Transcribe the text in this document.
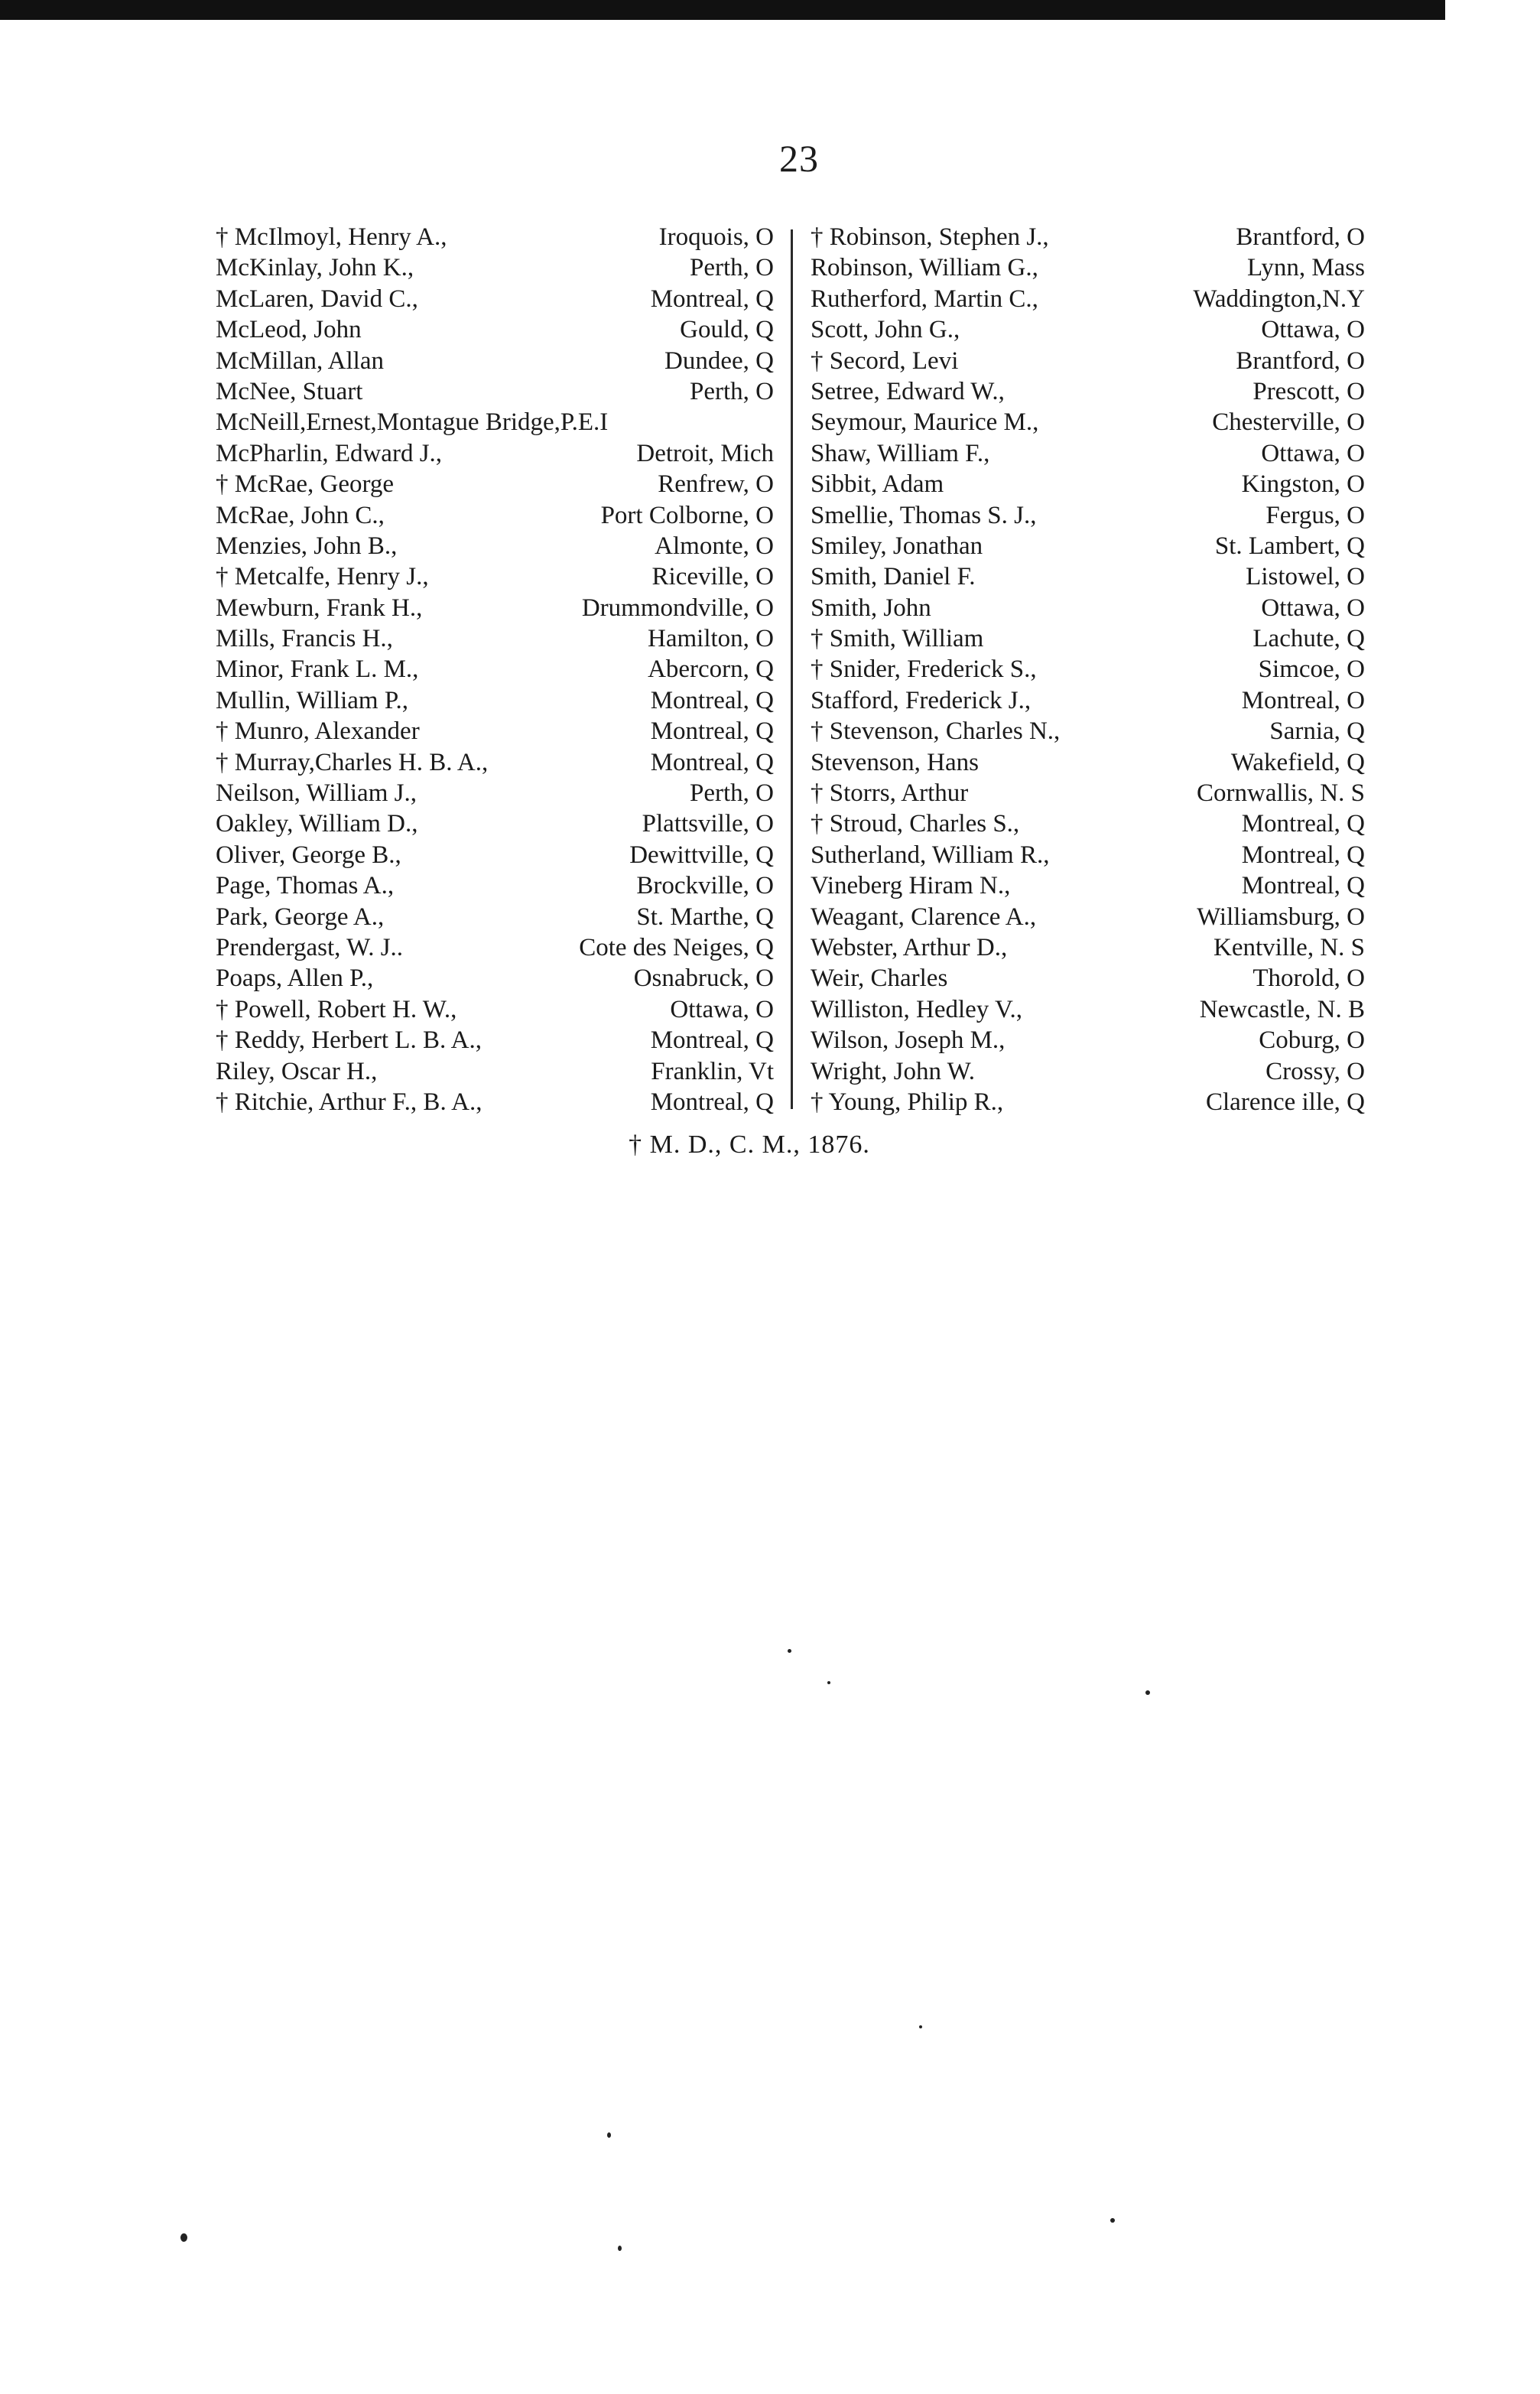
23
† McIlmoyl, Henry A.,	Iroquois, O
McKinlay, John K.,	Perth, O
McLaren, David C.,	Montreal, Q
McLeod, John	Gould, Q
McMillan, Allan	Dundee, Q
McNee, Stuart	Perth, O
McNeill,Ernest,Montague Bridge,P.E.I
McPharlin, Edward J.,	Detroit, Mich
† McRae, George	Renfrew, O
McRae, John C.,	Port Colborne, O
Menzies, John B.,	Almonte, O
† Metcalfe, Henry J.,	Riceville, O
Mewburn, Frank H.,	Drummondville, O
Mills, Francis H.,	Hamilton, O
Minor, Frank L. M.,	Abercorn, Q
Mullin, William P.,	Montreal, Q
† Munro, Alexander	Montreal, Q
† Murray,Charles H. B. A.,	Montreal, Q
Neilson, William J.,	Perth, O
Oakley, William D.,	Plattsville, O
Oliver, George B.,	Dewittville, Q
Page, Thomas A.,	Brockville, O
Park, George A.,	St. Marthe, Q
Prendergast, W. J..	Cote des Neiges, Q
Poaps, Allen P.,	Osnabruck, O
† Powell, Robert H. W.,	Ottawa, O
† Reddy, Herbert L. B. A.,	Montreal, Q
Riley, Oscar H.,	Franklin, Vt
† Ritchie, Arthur F., B. A.,	Montreal, Q
† Robinson, Stephen J.,	Brantford, O
Robinson, William G.,	Lynn, Mass
Rutherford, Martin C.,	Waddington,N.Y
Scott, John G.,	Ottawa, O
† Secord, Levi	Brantford, O
Setree, Edward W.,	Prescott, O
Seymour, Maurice M.,	Chesterville, O
Shaw, William F.,	Ottawa, O
Sibbit, Adam	Kingston, O
Smellie, Thomas S. J.,	Fergus, O
Smiley, Jonathan	St. Lambert, Q
Smith, Daniel F.	Listowel, O
Smith, John	Ottawa, O
† Smith, William	Lachute, Q
† Snider, Frederick S.,	Simcoe, O
Stafford, Frederick J.,	Montreal, O
† Stevenson, Charles N.,	Sarnia, Q
Stevenson, Hans	Wakefield, Q
† Storrs, Arthur	Cornwallis, N. S
† Stroud, Charles S.,	Montreal, Q
Sutherland, William R.,	Montreal, Q
Vineberg Hiram N.,	Montreal, Q
Weagant, Clarence A.,	Williamsburg, O
Webster, Arthur D.,	Kentville, N. S
Weir, Charles	Thorold, O
Williston, Hedley V.,	Newcastle, N. B
Wilson, Joseph M.,	Coburg, O
Wright, John W.	Crossy, O
† Young, Philip R.,	Clarence ille, Q
† M. D., C. M., 1876.
